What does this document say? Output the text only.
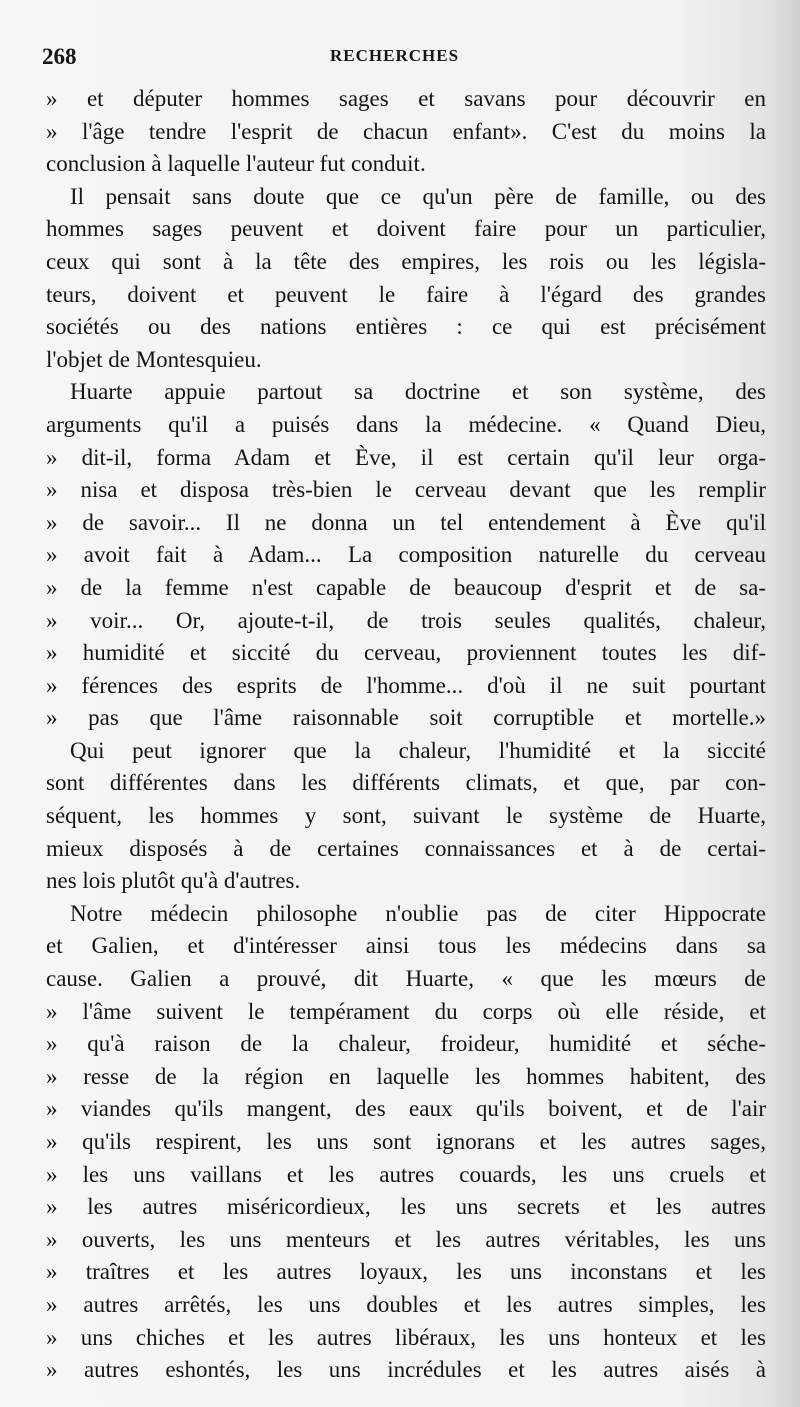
268	RECHERCHES
» et députer hommes sages et savans pour découvrir en
» l'âge tendre l'esprit de chacun enfant». C'est du moins la
conclusion à laquelle l'auteur fut conduit.
Il pensait sans doute que ce qu'un père de famille, ou des
hommes sages peuvent et doivent faire pour un particulier,
ceux qui sont à la tête des empires, les rois ou les législa-
teurs, doivent et peuvent le faire à l'égard des grandes
sociétés ou des nations entières : ce qui est précisément
l'objet de Montesquieu.
Huarte appuie partout sa doctrine et son système, des
arguments qu'il a puisés dans la médecine. « Quand Dieu,
» dit-il, forma Adam et Ève, il est certain qu'il leur orga-
» nisa et disposa très-bien le cerveau devant que les remplir
» de savoir... Il ne donna un tel entendement à Ève qu'il
» avoit fait à Adam... La composition naturelle du cerveau
» de la femme n'est capable de beaucoup d'esprit et de sa-
» voir... Or, ajoute-t-il, de trois seules qualités, chaleur,
» humidité et siccité du cerveau, proviennent toutes les dif-
» férences des esprits de l'homme... d'où il ne suit pourtant
» pas que l'âme raisonnable soit corruptible et mortelle.»
Qui peut ignorer que la chaleur, l'humidité et la siccité
sont différentes dans les différents climats, et que, par con-
séquent, les hommes y sont, suivant le système de Huarte,
mieux disposés à de certaines connaissances et à de certai-
nes lois plutôt qu'à d'autres.
Notre médecin philosophe n'oublie pas de citer Hippocrate
et Galien, et d'intéresser ainsi tous les médecins dans sa
cause. Galien a prouvé, dit Huarte, « que les mœurs de
» l'âme suivent le tempérament du corps où elle réside, et
» qu'à raison de la chaleur, froideur, humidité et séche-
» resse de la région en laquelle les hommes habitent, des
» viandes qu'ils mangent, des eaux qu'ils boivent, et de l'air
» qu'ils respirent, les uns sont ignorans et les autres sages,
» les uns vaillans et les autres couards, les uns cruels et
» les autres miséricordieux, les uns secrets et les autres
» ouverts, les uns menteurs et les autres véritables, les uns
» traîtres et les autres loyaux, les uns inconstans et les
» autres arrêtés, les uns doubles et les autres simples, les
» uns chiches et les autres libéraux, les uns honteux et les
» autres eshontés, les uns incrédules et les autres aisés à
